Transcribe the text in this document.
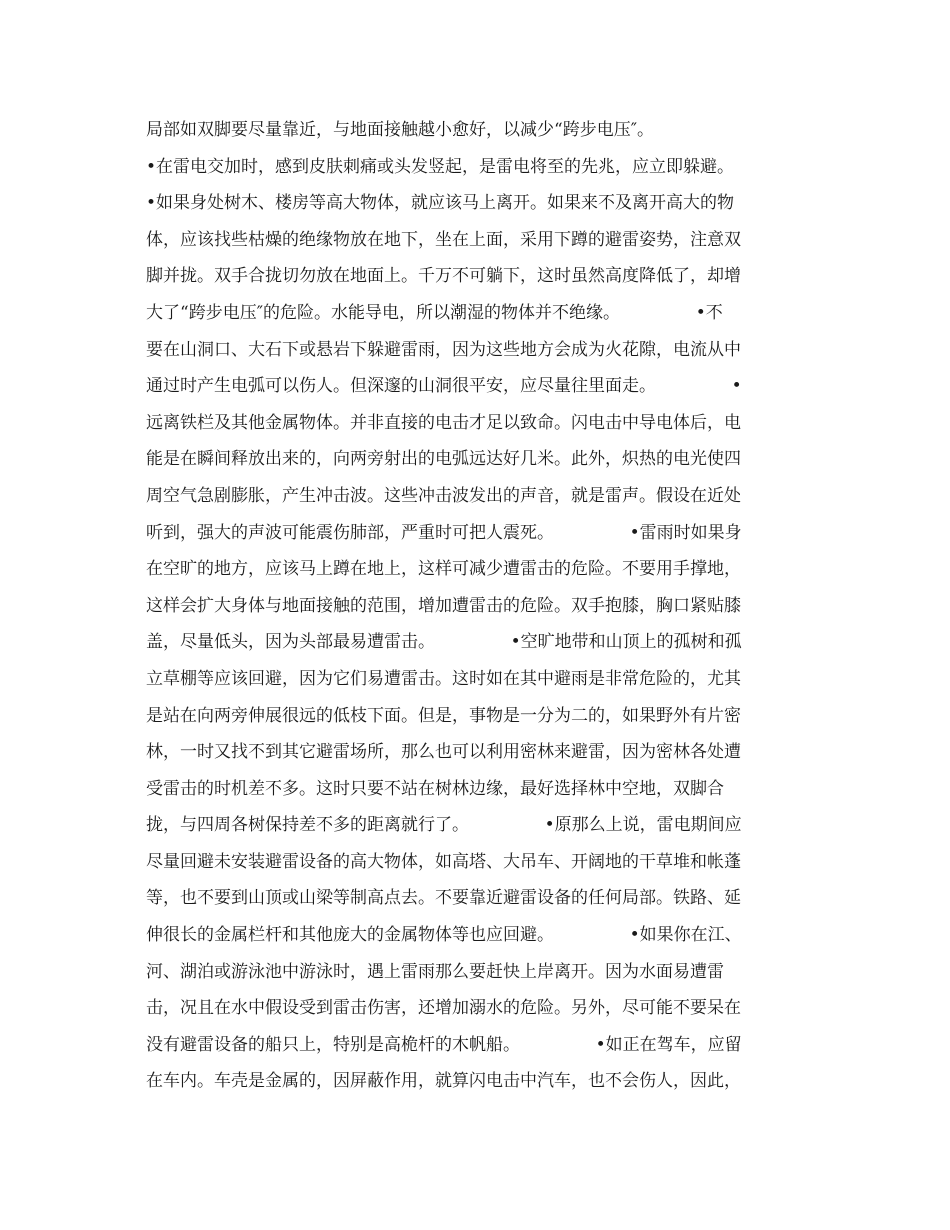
局部如双脚要尽量靠近，与地面接触越小愈好，以减少“跨步电压″。
•在雷电交加时，感到皮肤刺痛或头发竖起，是雷电将至的先兆，应立即躲避。
•如果身处树木、楼房等高大物体，就应该马上离开。如果来不及离开高大的物
体，应该找些枯燥的绝缘物放在地下，坐在上面，采用下蹲的避雷姿势，注意双
脚并拢。双手合拢切勿放在地面上。千万不可躺下，这时虽然高度降低了，却增
大了“跨步电压″的危险。水能导电，所以潮湿的物体并不绝缘。              •不
要在山洞口、大石下或悬岩下躲避雷雨，因为这些地方会成为火花隙，电流从中
通过时产生电弧可以伤人。但深邃的山洞很平安，应尽量往里面走。              •
远离铁栏及其他金属物体。并非直接的电击才足以致命。闪电击中导电体后，电
能是在瞬间释放出来的，向两旁射出的电弧远达好几米。此外，炽热的电光使四
周空气急剧膨胀，产生冲击波。这些冲击波发出的声音，就是雷声。假设在近处
听到，强大的声波可能震伤肺部，严重时可把人震死。              •雷雨时如果身
在空旷的地方，应该马上蹲在地上，这样可减少遭雷击的危险。不要用手撑地，
这样会扩大身体与地面接触的范围，增加遭雷击的危险。双手抱膝，胸口紧贴膝
盖，尽量低头，因为头部最易遭雷击。              •空旷地带和山顶上的孤树和孤
立草棚等应该回避，因为它们易遭雷击。这时如在其中避雨是非常危险的，尤其
是站在向两旁伸展很远的低枝下面。但是，事物是一分为二的，如果野外有片密
林，一时又找不到其它避雷场所，那么也可以利用密林来避雷，因为密林各处遭
受雷击的时机差不多。这时只要不站在树林边缘，最好选择林中空地，双脚合
拢，与四周各树保持差不多的距离就行了。              •原那么上说，雷电期间应
尽量回避未安装避雷设备的高大物体，如高塔、大吊车、开阔地的干草堆和帐蓬
等，也不要到山顶或山梁等制高点去。不要靠近避雷设备的任何局部。铁路、延
伸很长的金属栏杆和其他庞大的金属物体等也应回避。              •如果你在江、
河、湖泊或游泳池中游泳时，遇上雷雨那么要赶快上岸离开。因为水面易遭雷
击，况且在水中假设受到雷击伤害，还增加溺水的危险。另外，尽可能不要呆在
没有避雷设备的船只上，特别是高桅杆的木帆船。              •如正在驾车，应留
在车内。车壳是金属的，因屏蔽作用，就算闪电击中汽车，也不会伤人，因此，
